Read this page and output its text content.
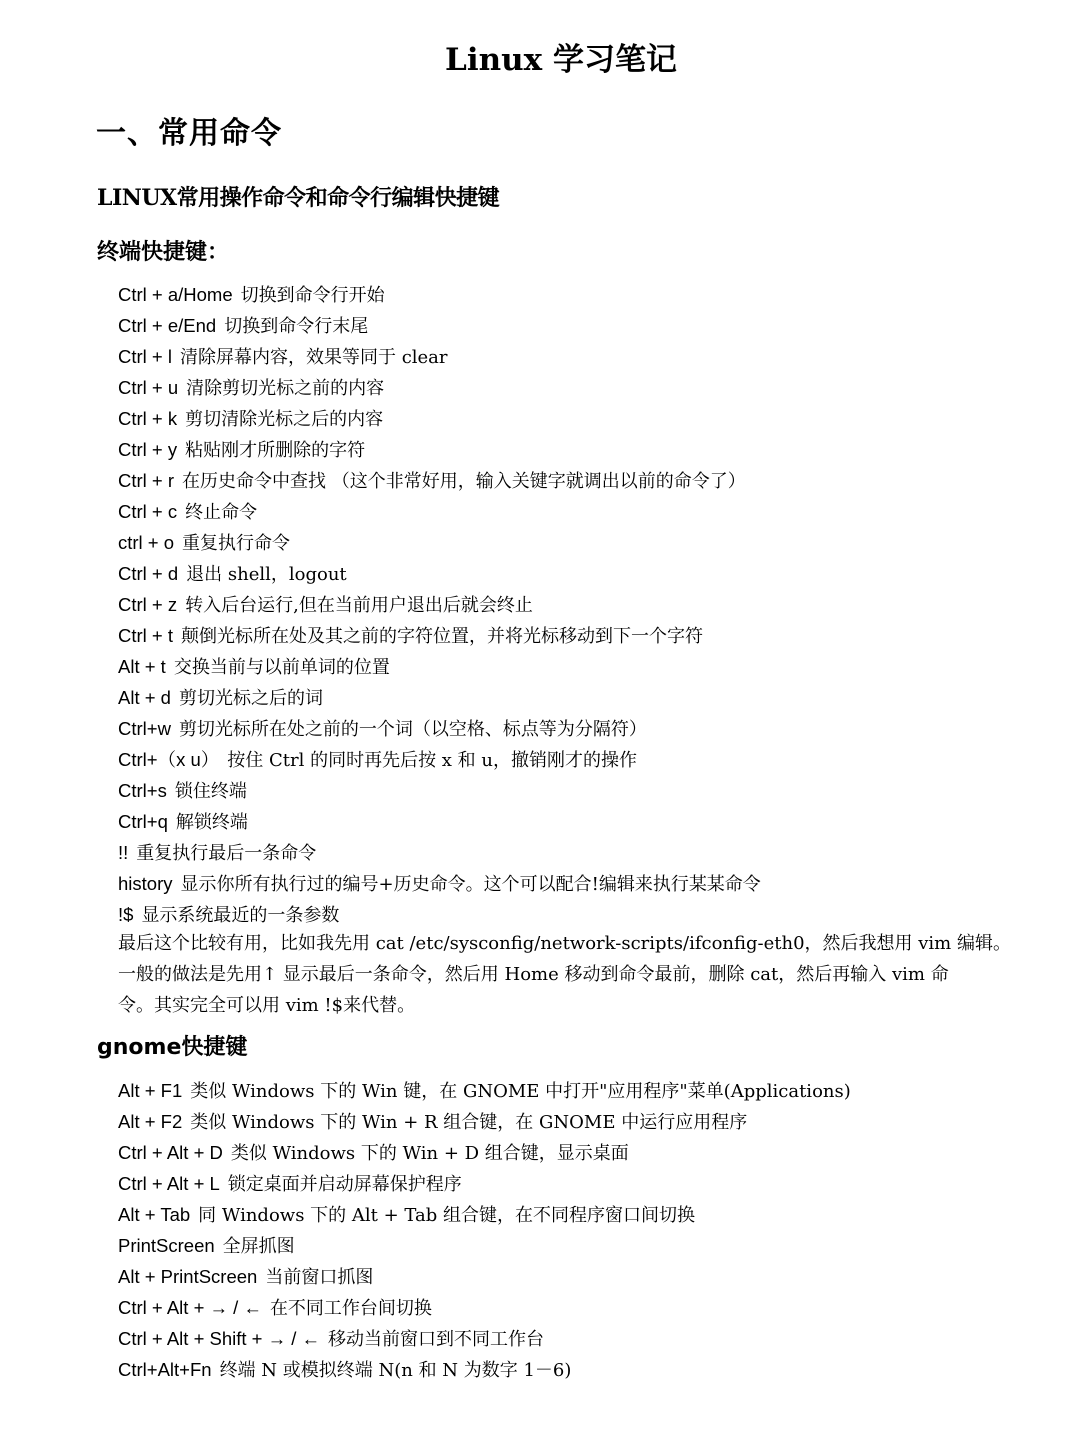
Linux 学习笔记
一、常用命令
LINUX常用操作命令和命令行编辑快捷键
终端快捷键：
Ctrl + a/Home 切换到命令行开始
Ctrl + e/End 切换到命令行末尾
Ctrl + l 清除屏幕内容，效果等同于 clear
Ctrl + u 清除剪切光标之前的内容
Ctrl + k 剪切清除光标之后的内容
Ctrl + y 粘贴刚才所删除的字符
Ctrl + r 在历史命令中查找 （这个非常好用，输入关键字就调出以前的命令了）
Ctrl + c 终止命令
ctrl + o 重复执行命令
Ctrl + d 退出 shell，logout
Ctrl + z 转入后台运行,但在当前用户退出后就会终止
Ctrl + t 颠倒光标所在处及其之前的字符位置，并将光标移动到下一个字符
Alt + t 交换当前与以前单词的位置
Alt + d 剪切光标之后的词
Ctrl+w 剪切光标所在处之前的一个词（以空格、标点等为分隔符）
Ctrl+（x u） 按住 Ctrl 的同时再先后按 x 和 u，撤销刚才的操作
Ctrl+s 锁住终端
Ctrl+q 解锁终端
!! 重复执行最后一条命令
history 显示你所有执行过的编号+历史命令。这个可以配合!编辑来执行某某命令
!$ 显示系统最近的一条参数

最后这个比较有用，比如我先用 cat /etc/sysconfig/network-scripts/ifconfig-eth0，然后我想用 vim 编辑。
一般的做法是先用↑ 显示最后一条命令，然后用 Home 移动到命令最前，删除 cat，然后再输入 vim 命
令。其实完全可以用 vim !$来代替。

gnome快捷键
Alt + F1 类似 Windows 下的 Win 键，在 GNOME 中打开"应用程序"菜单(Applications)
Alt + F2 类似 Windows 下的 Win + R 组合键，在 GNOME 中运行应用程序
Ctrl + Alt + D 类似 Windows 下的 Win + D 组合键，显示桌面
Ctrl + Alt + L 锁定桌面并启动屏幕保护程序
Alt + Tab 同 Windows 下的 Alt + Tab 组合键，在不同程序窗口间切换
PrintScreen 全屏抓图
Alt + PrintScreen 当前窗口抓图
Ctrl + Alt + → / ← 在不同工作台间切换
Ctrl + Alt + Shift + → / ← 移动当前窗口到不同工作台
Ctrl+Alt+Fn 终端 N 或模拟终端 N(n 和 N 为数字 1－6)
